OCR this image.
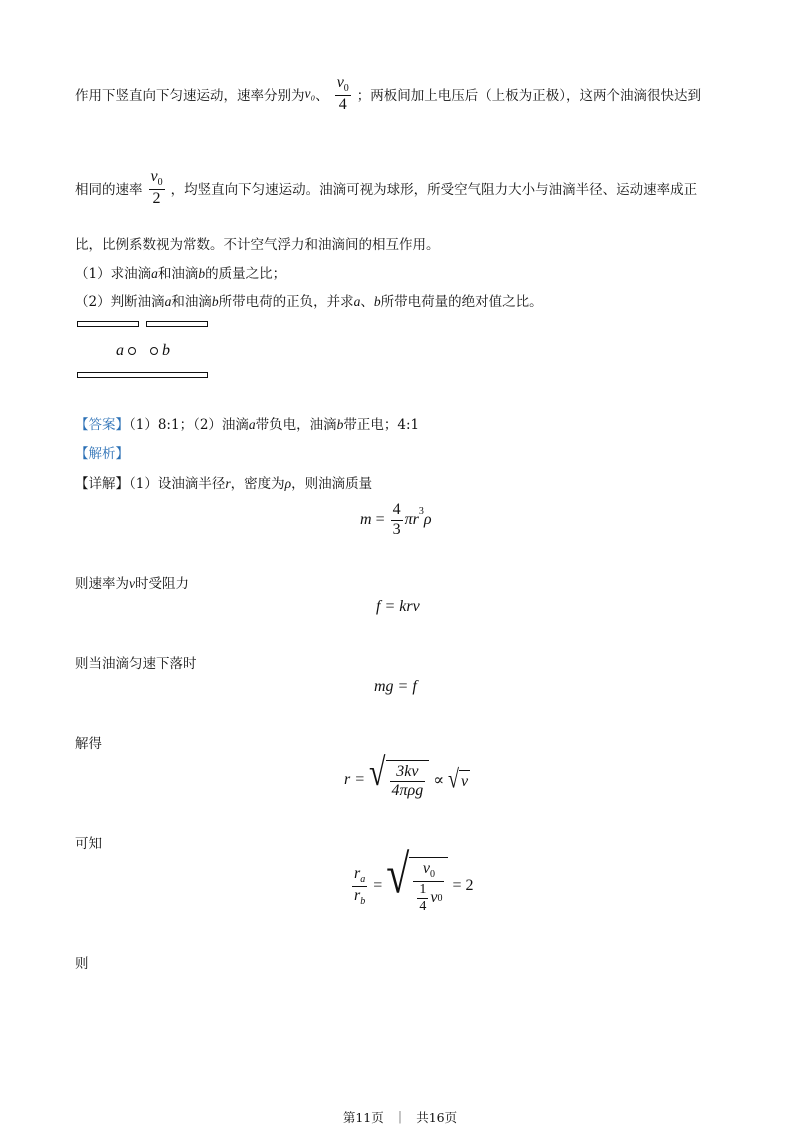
作用下竖直向下匀速运动，速率分别为 v₀ 、 $\frac{v_0}{4}$ ；两板间加上电压后（上板为正极），这两个油滴很快达到
相同的速率 $\frac{v_0}{2}$ ，均竖直向下匀速运动。油滴可视为球形，所受空气阻力大小与油滴半径、运动速率成正
比，比例系数视为常数。不计空气浮力和油滴间的相互作用。
（1）求油滴a和油滴b的质量之比；
（2）判断油滴a和油滴b所带电荷的正负，并求a、b所带电荷量的绝对值之比。
a b
【答案】（1）8:1；（2）油滴a带负电，油滴b带正电；4:1
【解析】
【详解】（1）设油滴半径r，密度为ρ，则油滴质量
$m = \frac{4}{3}$ π $r^3$ ρ
则速率为v时受阻力
f = krv
则当油滴匀速下落时
mg = f
解得
r = √ $\frac{3kv}{\text{4πρg}}$ ∝ √ v
可知
$\frac{r_a}{r_b}$ = √ $\frac{v_0}{\frac{1}{4} v 0} = 2$
则
第11页 ｜ 共16页
